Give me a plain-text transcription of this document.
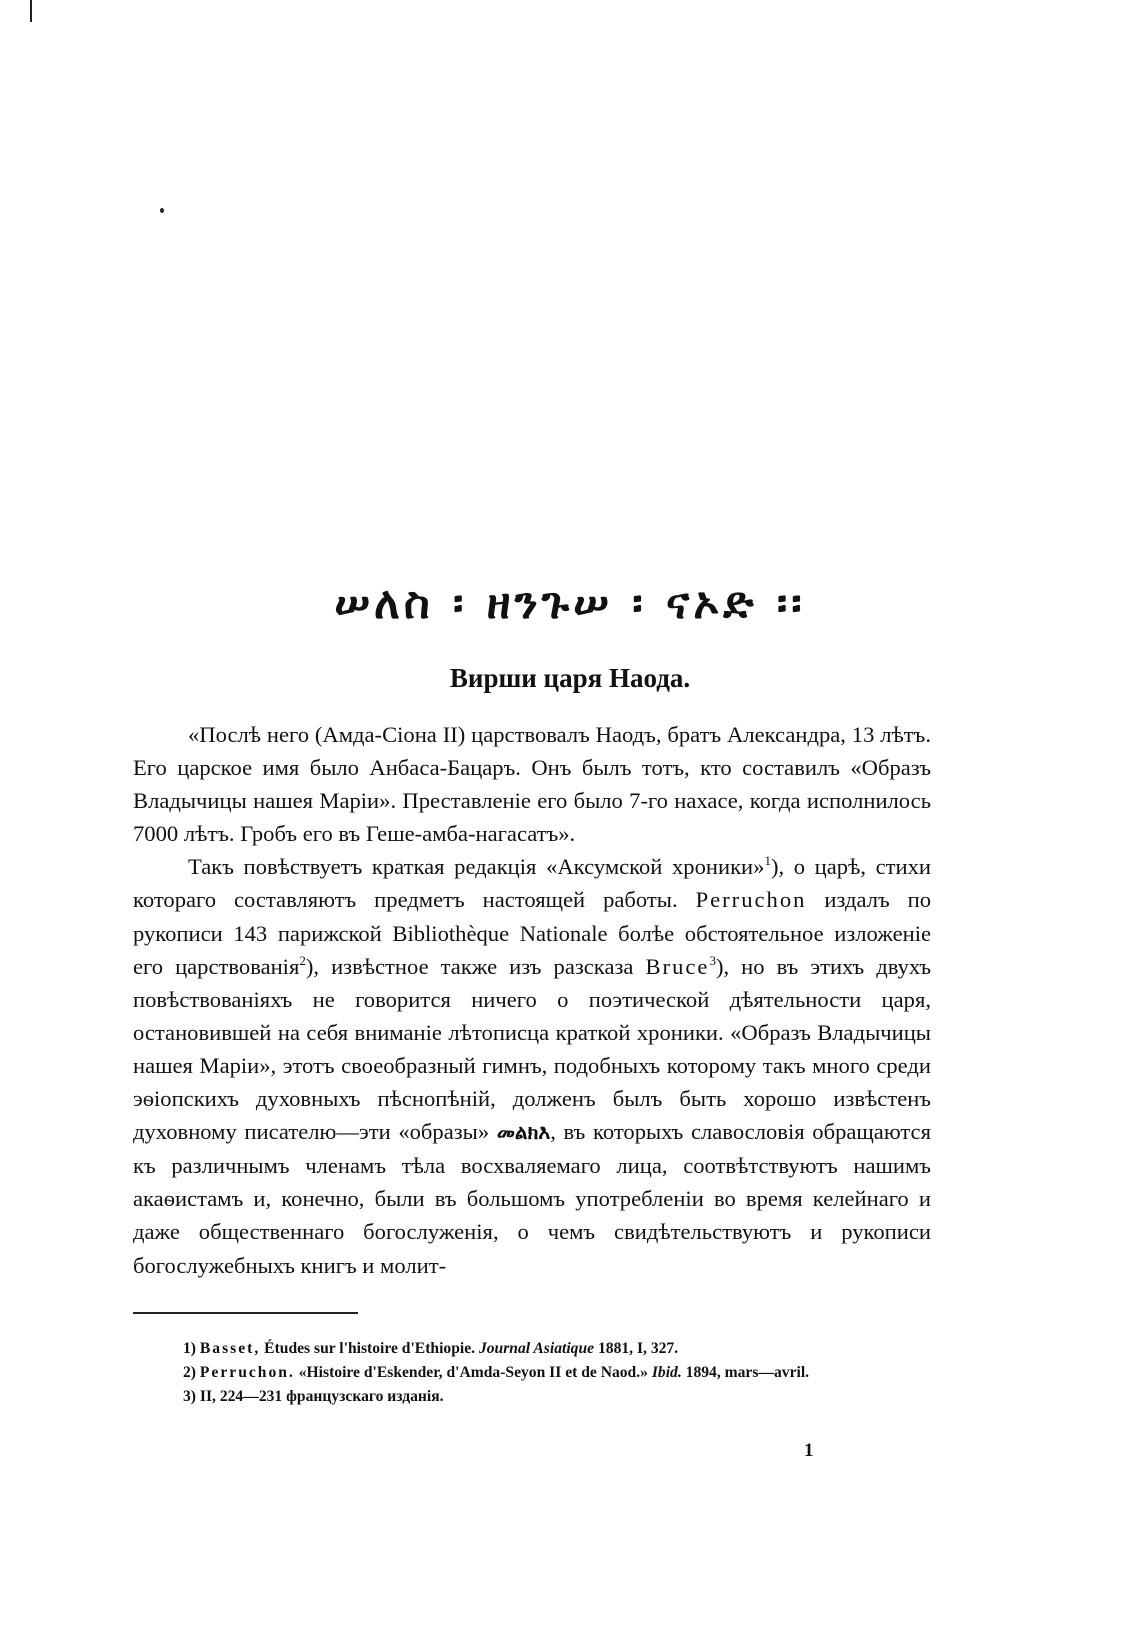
ሠለስ ፡ ዘንጉሠ ፡ ናኦድ ፡፡
Вирши царя Наода.

«Послѣ него (Амда-Сіона II) царствовалъ Наодъ, братъ Александра, 13 лѣтъ. Его царское имя было Анбаса-Бацаръ. Онъ былъ тотъ, кто составилъ «Образъ Владычицы нашея Маріи». Преставленіе его было 7-го нахасе, когда исполнилось 7000 лѣтъ. Гробъ его въ Геше-амба-нагасатъ».

Такъ повѣствуетъ краткая редакція «Аксумской хроники»$^1$), о царѣ, стихи котораго составляютъ предметъ настоящей работы. Perruchon издалъ по рукописи 143 парижской Bibliothèque Nationale болѣе обстоятельное изложеніе его царствованія$^2$), извѣстное также изъ разсказа Bruce$^3$), но въ этихъ двухъ повѣствованіяхъ не говорится ничего о поэтической дѣятельности царя, остановившей на себя вниманіе лѣтописца краткой хроники. «Образъ Владычицы нашея Маріи», этотъ своеобразный гимнъ, подобныхъ которому такъ много среди эѳіопскихъ духовныхъ пѣснопѣній, долженъ былъ быть хорошо извѣстенъ духовному писателю—эти «образы» መልክእ, въ которыхъ славословія обращаются къ различнымъ членамъ тѣла восхваляемаго лица, соотвѣтствуютъ нашимъ акаѳистамъ и, конечно, были въ большомъ употребленіи во время келейнаго и даже общественнаго богослуженія, о чемъ свидѣтельствуютъ и рукописи богослужебныхъ книгъ и молит-

1) Basset, Études sur l'histoire d'Ethiopie. Journal Asiatique 1881, I, 327.

2) Perruchon. «Histoire d'Eskender, d'Amda-Seyon II et de Naod.» Ibid. 1894, mars—avril.

3) II, 224—231 французскаго изданія.

1
